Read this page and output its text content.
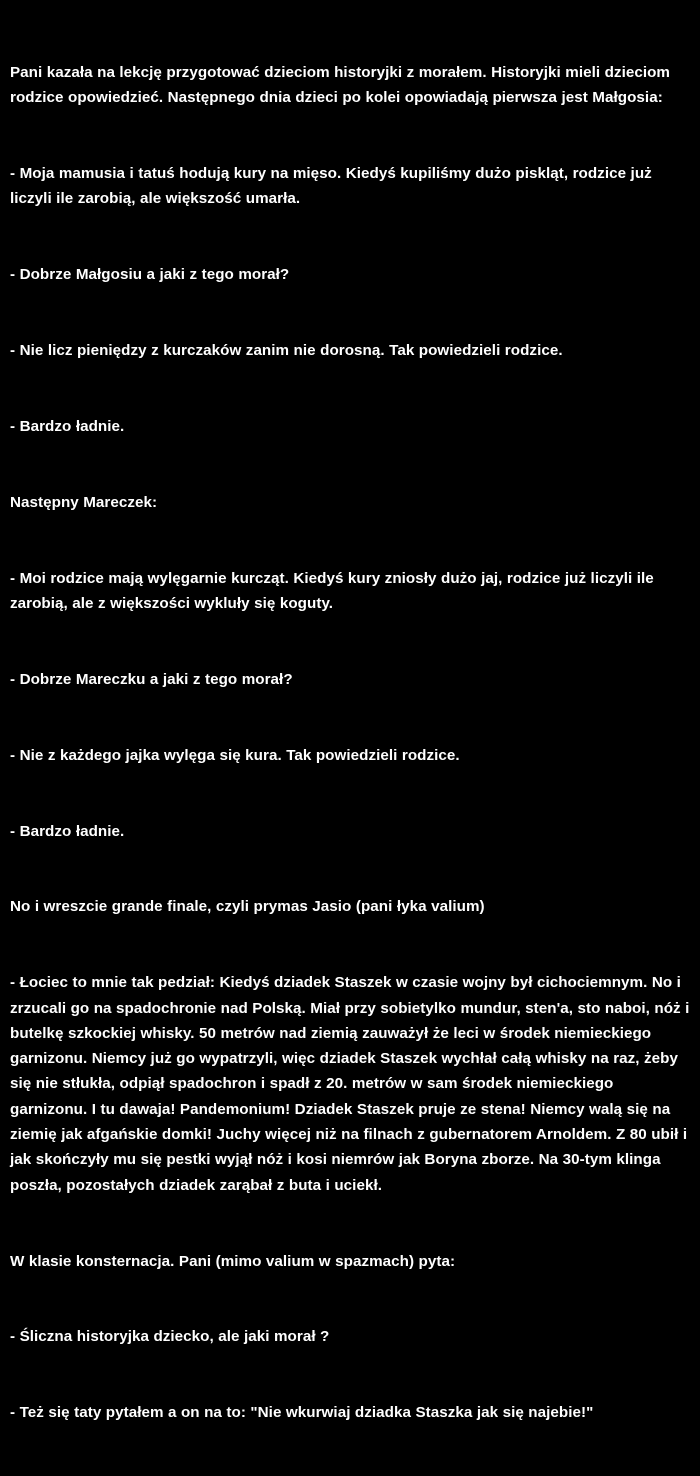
Pani kazała na lekcję przygotować dzieciom historyjki z morałem. Historyjki mieli dzieciom rodzice opowiedzieć. Następnego dnia dzieci po kolei opowiadają pierwsza jest Małgosia:

- Moja mamusia i tatuś hodują kury na mięso. Kiedyś kupiliśmy dużo piskląt, rodzice już liczyli ile zarobią, ale większość umarła.

- Dobrze Małgosiu a jaki z tego morał?

- Nie licz pieniędzy z kurczaków zanim nie dorosną. Tak powiedzieli rodzice.

- Bardzo ładnie.

Następny Mareczek:

- Moi rodzice mają wylęgarnie kurcząt. Kiedyś kury zniosły dużo jaj, rodzice już liczyli ile zarobią, ale z większości wykluły się koguty.

- Dobrze Mareczku a jaki z tego morał?

- Nie z każdego jajka wylęga się kura. Tak powiedzieli rodzice.

- Bardzo ładnie.

No i wreszcie grande finale, czyli prymas Jasio (pani łyka valium)

- Łociec to mnie tak pedział: Kiedyś dziadek Staszek w czasie wojny był cichociemnym. No i zrzucali go na spadochronie nad Polską. Miał przy sobietylko mundur, sten'a, sto naboi, nóż i butelkę szkockiej whisky. 50 metrów nad ziemią zauważył że leci w środek niemieckiego garnizonu. Niemcy już go wypatrzyli, więc dziadek Staszek wychłał całą whisky na raz, żeby się nie stłukła, odpiął spadochron i spadł z 20. metrów w sam środek niemieckiego garnizonu. I tu dawaja! Pandemonium! Dziadek Staszek pruje ze stena! Niemcy walą się na ziemię jak afgańskie domki! Juchy więcej niż na filnach z gubernatorem Arnoldem. Z 80 ubił i jak skończyły mu się pestki wyjął nóż i kosi niemrów jak Boryna zborze. Na 30-tym klinga poszła, pozostałych dziadek zarąbał z buta i uciekł.

W klasie konsternacja. Pani (mimo valium w spazmach) pyta:

- Śliczna historyjka dziecko, ale jaki morał ?

- Też się taty pytałem a on na to: "Nie wkurwiaj dziadka Staszka jak się najebie!"
